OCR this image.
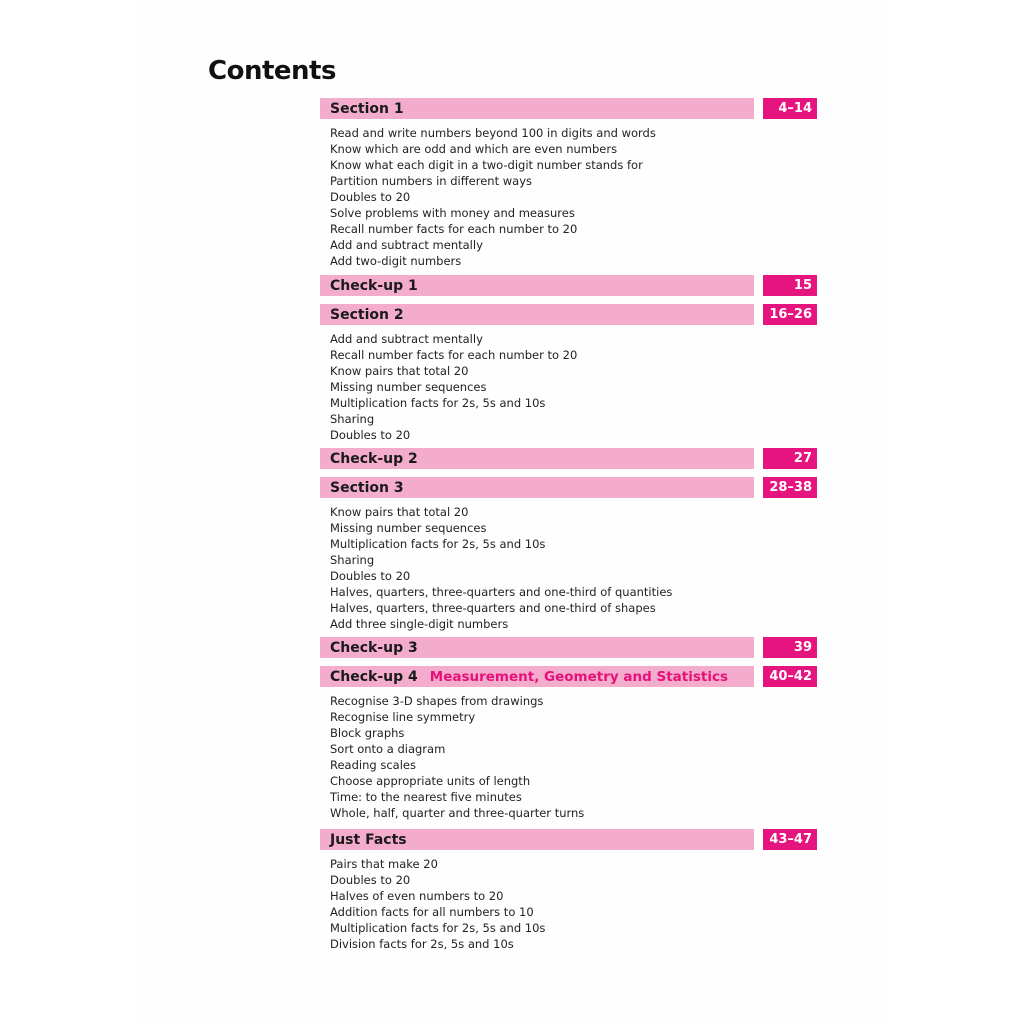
Contents
Section 1	4–14
Read and write numbers beyond 100 in digits and words
Know which are odd and which are even numbers
Know what each digit in a two-digit number stands for
Partition numbers in different ways
Doubles to 20
Solve problems with money and measures
Recall number facts for each number to 20
Add and subtract mentally
Add two-digit numbers
Check-up 1	15
Section 2	16–26
Add and subtract mentally
Recall number facts for each number to 20
Know pairs that total 20
Missing number sequences
Multiplication facts for 2s, 5s and 10s
Sharing
Doubles to 20
Check-up 2	27
Section 3	28–38
Know pairs that total 20
Missing number sequences
Multiplication facts for 2s, 5s and 10s
Sharing
Doubles to 20
Halves, quarters, three-quarters and one-third of quantities
Halves, quarters, three-quarters and one-third of shapes
Add three single-digit numbers
Check-up 3	39
Check-up 4 Measurement, Geometry and Statistics	40–42
Recognise 3-D shapes from drawings
Recognise line symmetry
Block graphs
Sort onto a diagram
Reading scales
Choose appropriate units of length
Time: to the nearest five minutes
Whole, half, quarter and three-quarter turns
Just Facts	43–47
Pairs that make 20
Doubles to 20
Halves of even numbers to 20
Addition facts for all numbers to 10
Multiplication facts for 2s, 5s and 10s
Division facts for 2s, 5s and 10s
